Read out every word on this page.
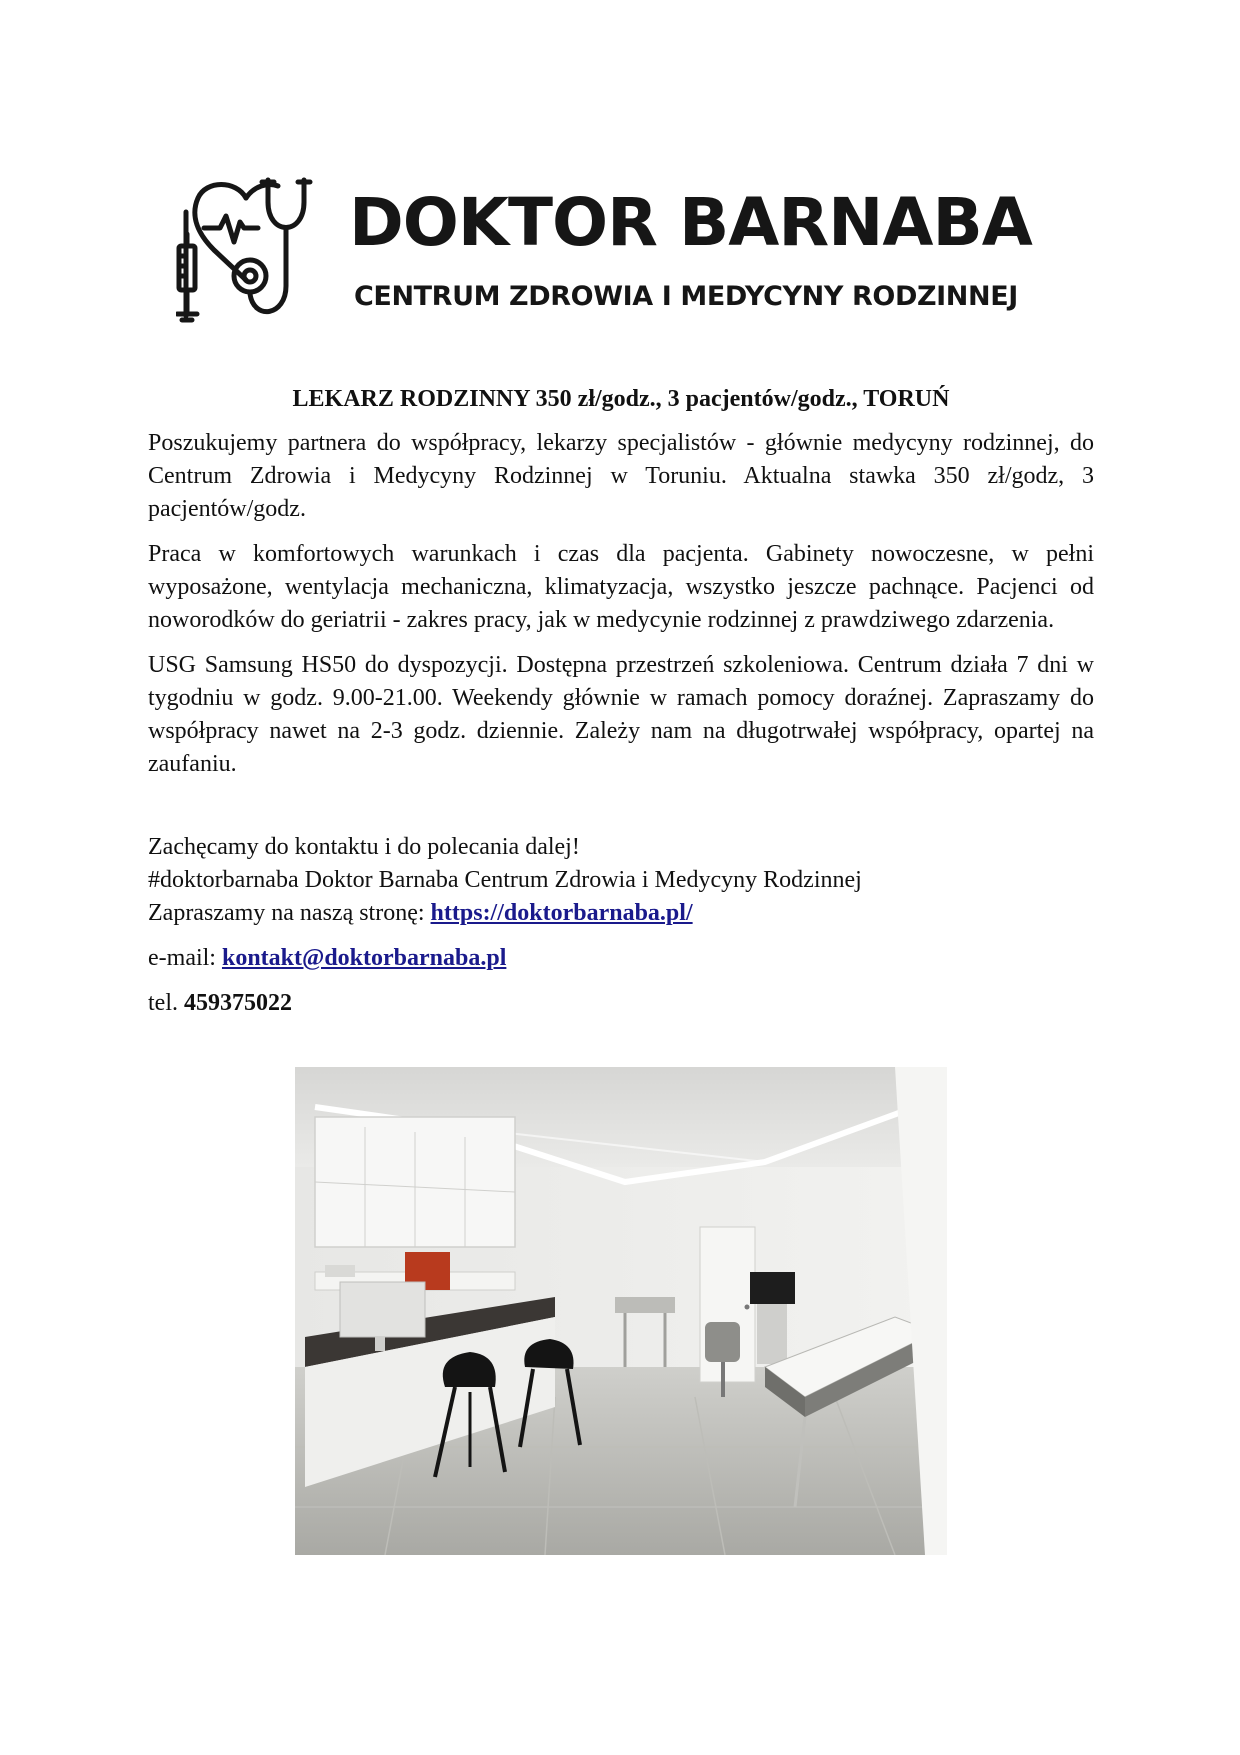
DOKTOR BARNABA
CENTRUM ZDROWIA I MEDYCYNY RODZINNEJ

LEKARZ RODZINNY 350 zł/godz., 3 pacjentów/godz., TORUŃ

Poszukujemy partnera do współpracy, lekarzy specjalistów - głównie medycyny rodzinnej, do Centrum Zdrowia i Medycyny Rodzinnej w Toruniu. Aktualna stawka 350 zł/godz, 3 pacjentów/godz.

Praca w komfortowych warunkach i czas dla pacjenta. Gabinety nowoczesne, w pełni wyposażone, wentylacja mechaniczna, klimatyzacja, wszystko jeszcze pachnące. Pacjenci od noworodków do geriatrii - zakres pracy, jak w medycynie rodzinnej z prawdziwego zdarzenia.

USG Samsung HS50 do dyspozycji. Dostępna przestrzeń szkoleniowa. Centrum działa 7 dni w tygodniu w godz. 9.00-21.00. Weekendy głównie w ramach pomocy doraźnej. Zapraszamy do współpracy nawet na 2-3 godz. dziennie. Zależy nam na długotrwałej współpracy, opartej na zaufaniu.

Zachęcamy do kontaktu i do polecania dalej!

#doktorbarnaba Doktor Barnaba Centrum Zdrowia i Medycyny Rodzinnej

Zapraszamy na naszą stronę: https://doktorbarnaba.pl/

e-mail: kontakt@doktorbarnaba.pl

tel. 459375022
